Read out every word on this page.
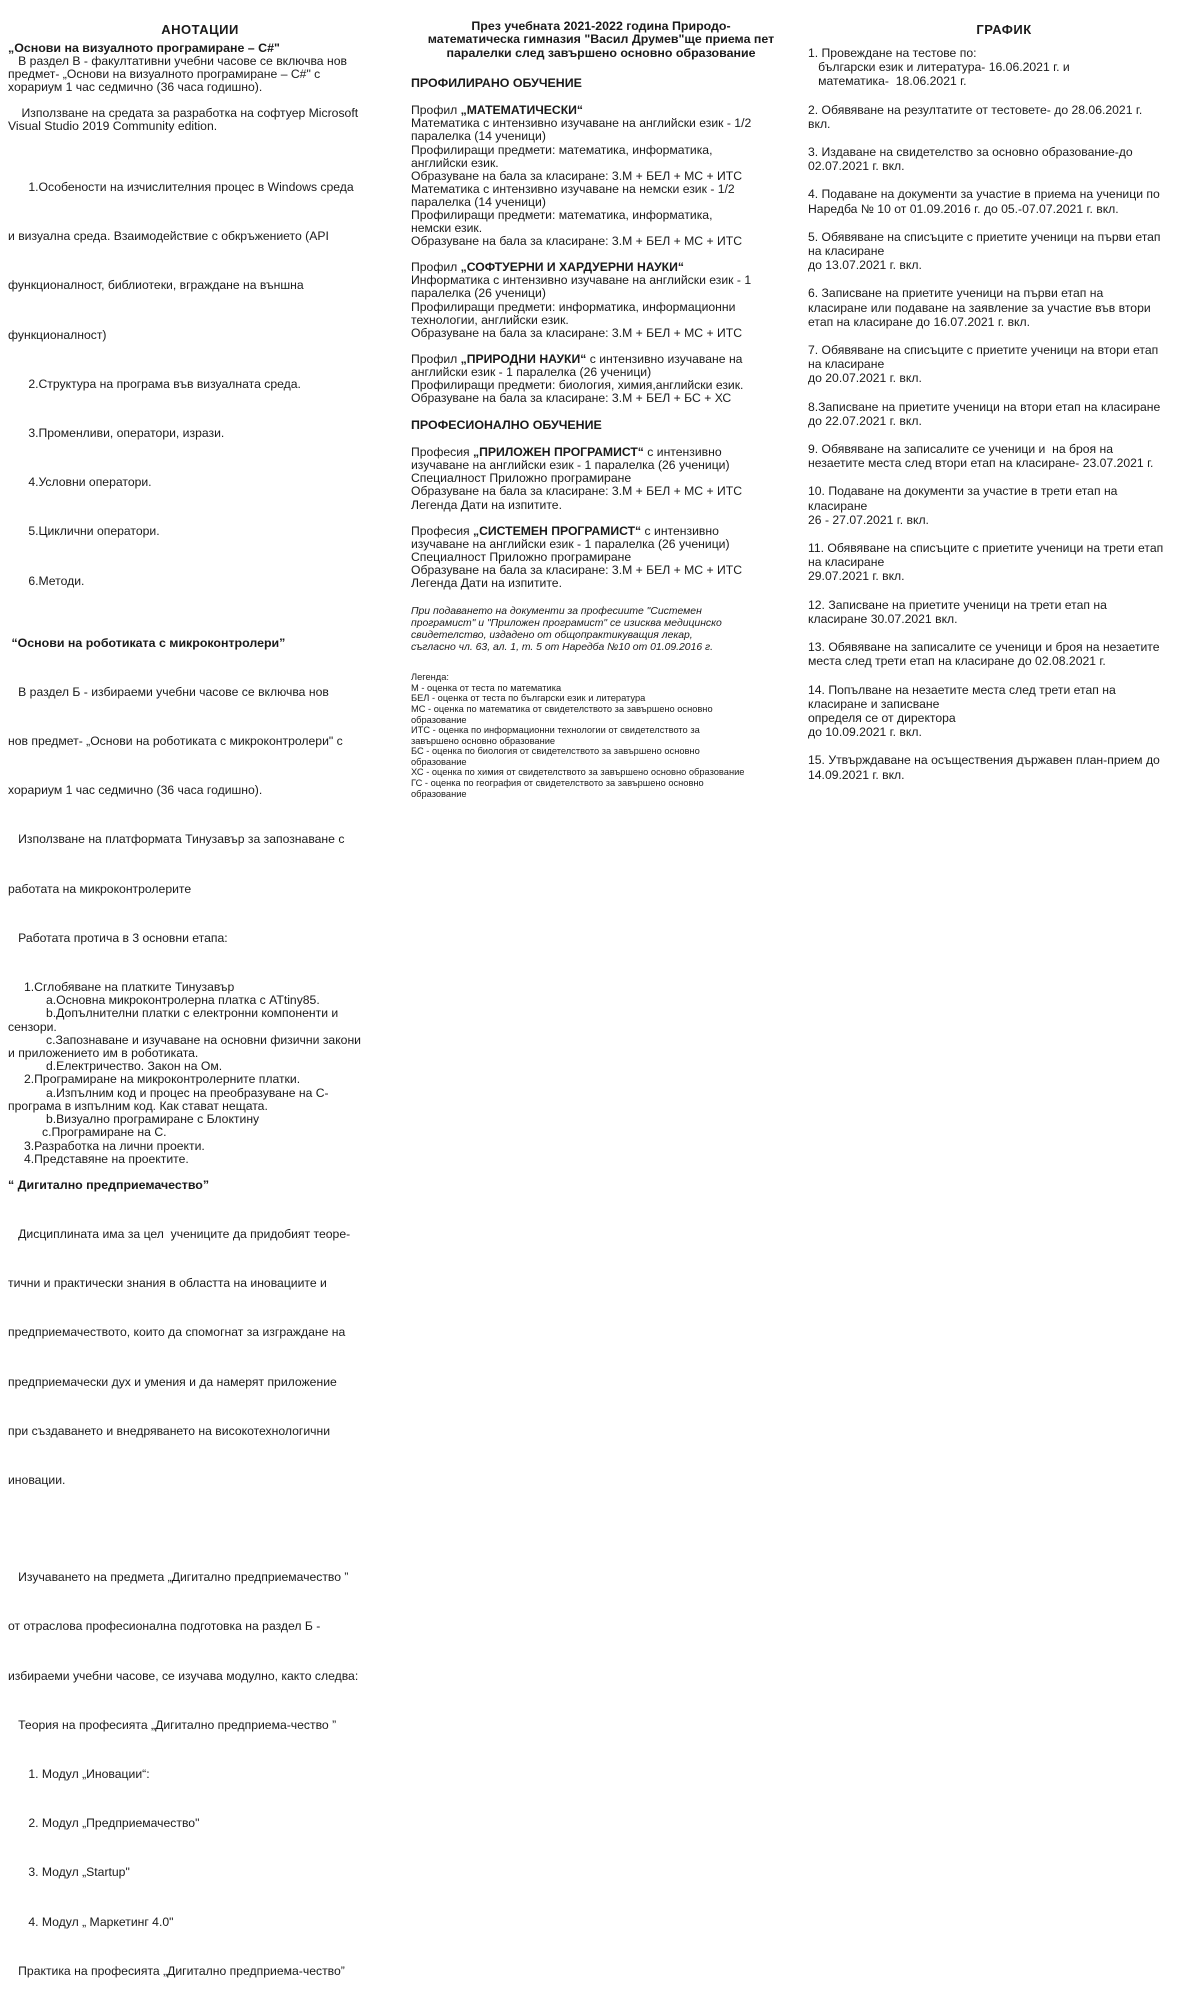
АНОТАЦИИ

„Основи на визуалното програмиране – C#"

В раздел В - факултативни учебни часове се включва нов

предмет- „Основи на визуалното програмиране – C#" с

хорариум 1 час седмично (36 часа годишно).

Използване на средата за разработка на софтуер Microsoft

Visual Studio 2019 Community edition.

1.Особености на изчислителния процес в Windows среда

и визуална среда. Взаимодействие с обкръжението (API

функционалност, библиотеки, вграждане на външна

функционалност)

2.Структура на програма във визуалната среда.

3.Променливи, оператори, изрази.

4.Условни оператори.

5.Циклични оператори.

6.Методи.

“Основи на роботиката с микроконтролери”

В раздел Б - избираеми учебни часове се включва нов

нов предмет- „Основи на роботиката с микроконтролери" с

хорариум 1 час седмично (36 часа годишно).

Използване на платформата Тинузавър за запознаване с

работата на микроконтролерите

Работата протича в 3 основни етапа:

1.Сглобяване на платките Тинузавър

a.Основна микроконтролерна платка с ATtiny85.

b.Допълнителни платки с електронни компоненти и

сензори.

c.Запознаване и изучаване на основни физични закони

и приложението им в роботиката.

d.Електричество. Закон на Ом.

2.Програмиране на микроконтролерните платки.

a.Изпълним код и процес на преобразуване на С-

програма в изпълним код. Как стават нещата.

b.Визуално програмиране с Блоктину

c.Програмиране на С.

3.Разработка на лични проекти.

4.Представяне на проектите.

“ Дигитално предприемачество”

Дисциплината има за цел  учениците да придобият теоре-

тични и практически знания в областта на иновациите и

предприемачеството, които да спомогнат за изграждане на

предприемачески дух и умения и да намерят приложение

при създаването и внедряването на високотехнологични

иновации.

Изучаването на предмета „Дигитално предприемачество ”

от отраслова професионална подготовка на раздел Б -

избираеми учебни часове, се изучава модулно, както следва:

Теория на професията „Дигитално предприема-чество ”

1. Модул „Иновации“:

2. Модул „Предприемачество"

3. Модул „Startup"

4. Модул „ Маркетинг 4.0"

Практика на професията „Дигитално предприема-чество”

През учебната 2021-2022 година Природо-
математическа гимназия "Васил Друмев"ще приема пет
паралелки след завършено основно образование

ПРОФИЛИРАНО ОБУЧЕНИЕ

Профил „МАТЕМАТИЧЕСКИ“

Математика с интензивно изучаване на английски език - 1/2

паралелка (14 ученици)

Профилиращи предмети: математика, информатика,

английски език.

Образуване на бала за класиране: 3.М + БЕЛ + МС + ИТС

Математика с интензивно изучаване на немски език - 1/2

паралелка (14 ученици)

Профилиращи предмети: математика, информатика,

немски език.

Образуване на бала за класиране: 3.М + БЕЛ + МС + ИТС

Профил „СОФТУЕРНИ И ХАРДУЕРНИ НАУКИ“

Информатика с интензивно изучаване на английски език - 1

паралелка (26 ученици)

Профилиращи предмети: информатика, информационни

технологии, английски език.

Образуване на бала за класиране: 3.М + БЕЛ + МС + ИТС

Профил „ПРИРОДНИ НАУКИ“ с интензивно изучаване на

английски език - 1 паралелка (26 ученици)

Профилиращи предмети: биология, химия,английски език.

Образуване на бала за класиране: 3.М + БЕЛ + БС + ХС

ПРОФЕСИОНАЛНО ОБУЧЕНИЕ

Професия „ПРИЛОЖЕН ПРОГРАМИСТ“ с интензивно

изучаване на английски език - 1 паралелка (26 ученици)

Специалност Приложно програмиране

Образуване на бала за класиране: 3.М + БЕЛ + МС + ИТС

Легенда Дати на изпитите.

Професия „СИСТЕМЕН ПРОГРАМИСТ“ с интензивно

изучаване на английски език - 1 паралелка (26 ученици)

Специалност Приложно програмиране

Образуване на бала за класиране: 3.М + БЕЛ + МС + ИТС

Легенда Дати на изпитите.

При подаването на документи за професиите "Системен

програмист" и "Приложен програмист" се изисква медицинско

свидетелство, издадено от общопрактикуващия лекар,

съгласно чл. 63, ал. 1, т. 5 от Наредба №10 от 01.09.2016 г.

Легенда:

М - оценка от теста по математика

БЕЛ - оценка от теста по български език и литература

МС - оценка по математика от свидетелството за завършено основно

образование

ИТС - оценка по информационни технологии от свидетелството за

завършено основно образование

БС - оценка по биология от свидетелството за завършено основно

образование

ХС - оценка по химия от свидетелството за завършено основно образование

ГС - оценка по география от свидетелството за завършено основно

образование

ГРАФИК

1. Провеждане на тестове по:

български език и литература- 16.06.2021 г. и

математика-  18.06.2021 г.

2. Обявяване на резултатите от тестовете- до 28.06.2021 г.

вкл.

3. Издаване на свидетелство за основно образование-до

02.07.2021 г. вкл.

4. Подаване на документи за участие в приема на ученици по

Наредба № 10 от 01.09.2016 г. до 05.-07.07.2021 г. вкл.

5. Обявяване на списъците с приетите ученици на първи етап

на класиране

до 13.07.2021 г. вкл.

6. Записване на приетите ученици на първи етап на

класиране или подаване на заявление за участие във втори

етап на класиране до 16.07.2021 г. вкл.

7. Обявяване на списъците с приетите ученици на втори етап

на класиране

до 20.07.2021 г. вкл.

8.Записване на приетите ученици на втори етап на класиране

до 22.07.2021 г. вкл.

9. Обявяване на записалите се ученици и  на броя на

незаетите места след втори етап на класиране- 23.07.2021 г.

10. Подаване на документи за участие в трети етап на

класиране

26 - 27.07.2021 г. вкл.

11. Обявяване на списъците с приетите ученици на трети етап

на класиране

29.07.2021 г. вкл.

12. Записване на приетите ученици на трети етап на

класиране 30.07.2021 вкл.

13. Обявяване на записалите се ученици и броя на незаетите

места след трети етап на класиране до 02.08.2021 г.

14. Попълване на незаетите места след трети етап на

класиране и записване

определя се от директора

до 10.09.2021 г. вкл.

15. Утвърждаване на осъществения държавен план-прием до

14.09.2021 г. вкл.
